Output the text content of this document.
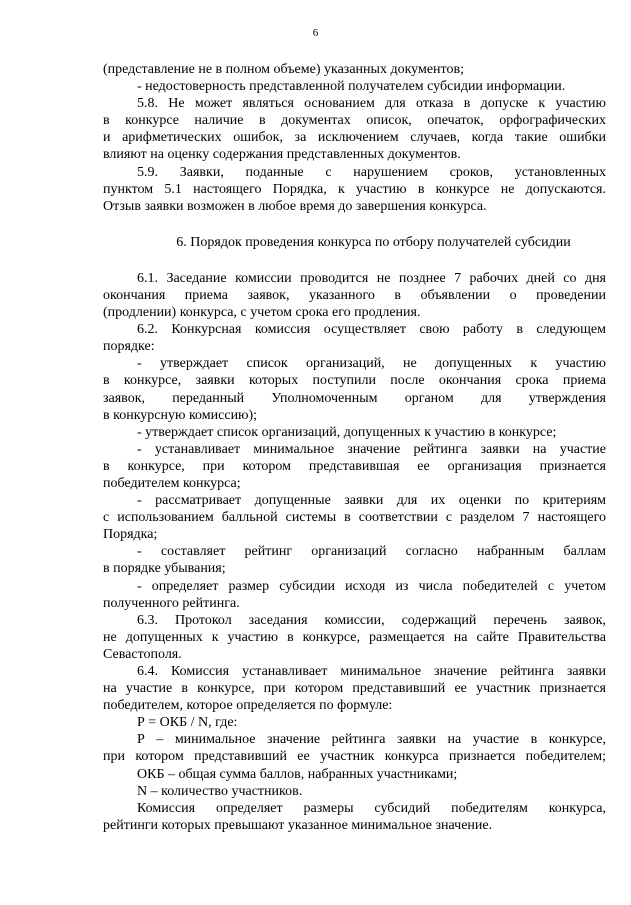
6
(представление не в полном объеме) указанных документов;
- недостоверность представленной получателем субсидии информации.
5.8. Не может являться основанием для отказа в допуске к участию
в конкурсе наличие в документах описок, опечаток, орфографических
и арифметических ошибок, за исключением случаев, когда такие ошибки
влияют на оценку содержания представленных документов.
5.9. Заявки, поданные с нарушением сроков, установленных
пунктом 5.1 настоящего Порядка, к участию в конкурсе не допускаются.
Отзыв заявки возможен в любое время до завершения конкурса.
6. Порядок проведения конкурса по отбору получателей субсидии
6.1. Заседание комиссии проводится не позднее 7 рабочих дней со дня
окончания приема заявок, указанного в объявлении о проведении
(продлении) конкурса, с учетом срока его продления.
6.2. Конкурсная комиссия осуществляет свою работу в следующем
порядке:
- утверждает список организаций, не допущенных к участию
в конкурсе, заявки которых поступили после окончания срока приема
заявок, переданный Уполномоченным органом для утверждения
в конкурсную комиссию);
- утверждает список организаций, допущенных к участию в конкурсе;
- устанавливает минимальное значение рейтинга заявки на участие
в конкурсе, при котором представившая ее организация признается
победителем конкурса;
- рассматривает допущенные заявки для их оценки по критериям
с использованием балльной системы в соответствии с разделом 7 настоящего
Порядка;
- составляет рейтинг организаций согласно набранным баллам
в порядке убывания;
- определяет размер субсидии исходя из числа победителей с учетом
полученного рейтинга.
6.3. Протокол заседания комиссии, содержащий перечень заявок,
не допущенных к участию в конкурсе, размещается на сайте Правительства
Севастополя.
6.4. Комиссия устанавливает минимальное значение рейтинга заявки
на участие в конкурсе, при котором представивший ее участник признается
победителем, которое определяется по формуле:
Р = ОКБ / N, где:
Р – минимальное значение рейтинга заявки на участие в конкурсе,
при котором представивший ее участник конкурса признается победителем;
ОКБ – общая сумма баллов, набранных участниками;
N – количество участников.
Комиссия определяет размеры субсидий победителям конкурса,
рейтинги которых превышают указанное минимальное значение.
